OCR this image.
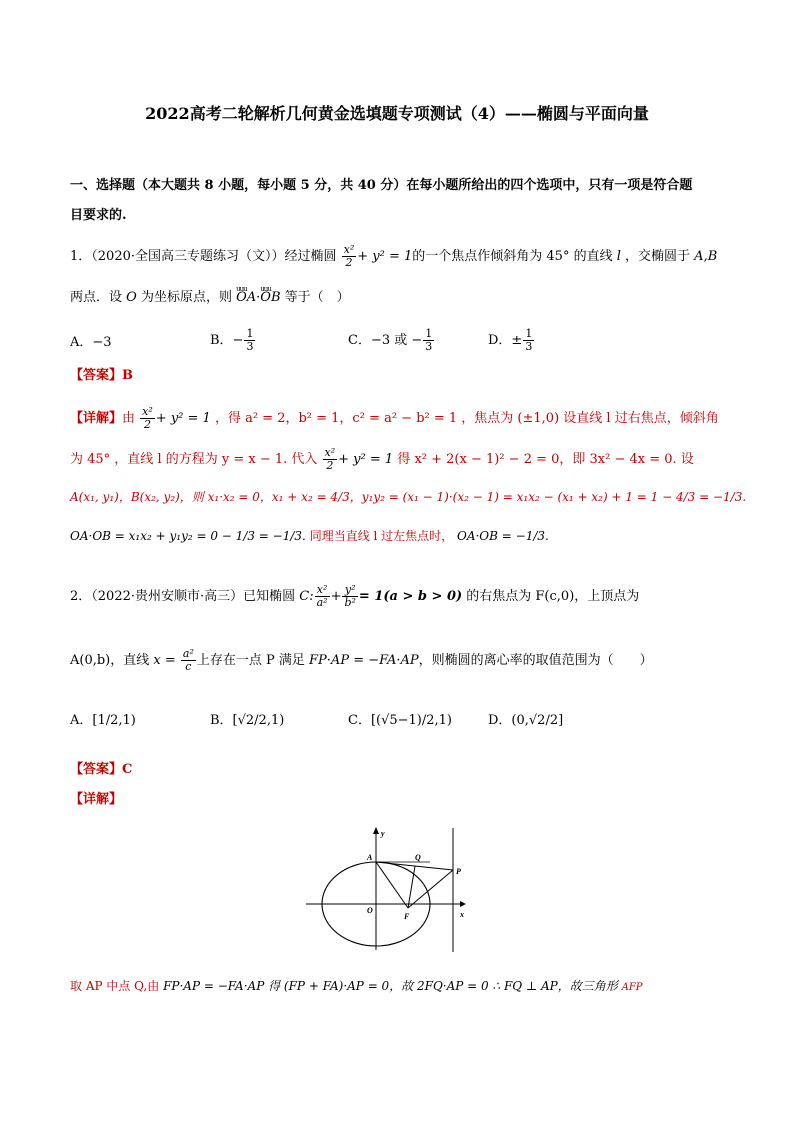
2022高考二轮解析几何黄金选填题专项测试（4）——椭圆与平面向量
一、选择题（本大题共 8 小题，每小题 5 分，共 40 分）在每小题所给出的四个选项中，只有一项是符合题
目要求的.
1．（2020·全国高三专题练习（文））经过椭圆 $\frac{\text{x²}}{2} + y^2 = 1$的一个焦点作倾斜角为 45° 的直线 l ，交椭圆于 A,B
两点．设 O 为坐标原点，则 uuu OA·uuu OB 等于（　）
A．−3	B．− $\frac{1}{3}$	C．−3 或 − $\frac{1}{3}$	D．± $\frac{1}{3}$
【答案】B
【详解】由 $\frac{\text{x²}}{2} + y^2 = 1$ ，得 a² = 2，b² = 1，c² = a² − b² = 1 ，焦点为 (±1,0) 设直线 l 过右焦点，倾斜角
为 45° ，直线 l 的方程为 y = x − 1. 代入 $\frac{\text{x²}}{2} + y^2 = 1$ 得 x² + 2(x − 1)² − 2 = 0，即 3x² − 4x = 0. 设
A(x₁, y₁)，B(x₂, y₂)，则 x₁·x₂ = 0，x₁ + x₂ = 4/3，y₁y₂ = (x₁ − 1)·(x₂ − 1) = x₁x₂ − (x₁ + x₂) + 1 = 1 − 4/3 = −1/3.
OA·OB = x₁x₂ + y₁y₂ = 0 − 1/3 = −1/3. 同理当直线 l 过左焦点时， OA·OB = −1/3.
2．（2022·贵州安顺市·高三）已知椭圆 C: $\frac{\text{x²}}{\text{a²}} + \frac{\text{y²}}{\text{b²}} = 1(a > b > 0)$ 的右焦点为 F(c,0)，上顶点为
A(0,b)，直线 $x = \frac{\text{a²}}{c}$ 上存在一点 P 满足 FP·AP = −FA·AP，则椭圆的离心率的取值范围为（　　）
A．[1/2,1)	B．[√2/2,1)	C．[(√5−1)/2,1)	D．(0,√2/2]
【答案】C
【详解】
y
x
A	Q
P
O
F
取 AP 中点 Q,由 FP·AP = −FA·AP 得 (FP + FA)·AP = 0，故 2FQ·AP = 0 ∴ FQ ⊥ AP，故三角形 AFP
